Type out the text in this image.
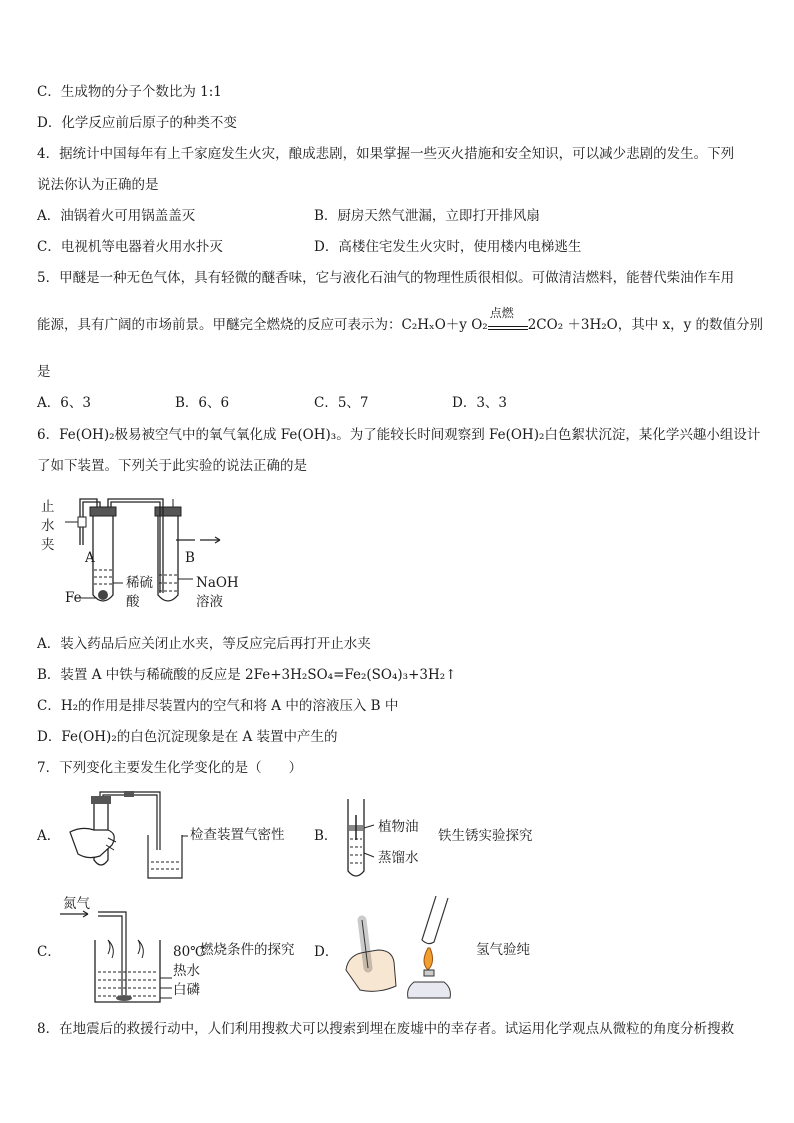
C．生成物的分子个数比为 1:1
D．化学反应前后原子的种类不变
4．据统计中国每年有上千家庭发生火灾，酿成悲剧，如果掌握一些灭火措施和安全知识，可以减少悲剧的发生。下列
说法你认为正确的是
A．油锅着火可用锅盖盖灭	B．厨房天然气泄漏，立即打开排风扇
C．电视机等电器着火用水扑灭	D．高楼住宅发生火灾时，使用楼内电梯逃生
5．甲醚是一种无色气体，具有轻微的醚香味，它与液化石油气的物理性质很相似。可做清洁燃料，能替代柴油作车用
能源，具有广阔的市场前景。甲醚完全燃烧的反应可表示为：C₂HₓO＋y O₂
点燃
2CO₂ ＋3H₂O，其中 x，y 的数值分别
是
A．6、3	B．6、6	C．5、7	D．3、3
6．Fe(OH)₂极易被空气中的氧气氧化成 Fe(OH)₃。为了能较长时间观察到 Fe(OH)₂白色絮状沉淀，某化学兴趣小组设计
了如下装置。下列关于此实验的说法正确的是
止
水
夹
A	B
Fe
稀硫
酸
NaOH
溶液
A．装入药品后应关闭止水夹，等反应完后再打开止水夹
B．装置 A 中铁与稀硫酸的反应是 2Fe+3H₂SO₄=Fe₂(SO₄)₃+3H₂↑
C．H₂的作用是排尽装置内的空气和将 A 中的溶液压入 B 中
D．Fe(OH)₂的白色沉淀现象是在 A 装置中产生的
7．下列变化主要发生化学变化的是（　　）
A．	检查装置气密性 B．
植物油
蒸馏水
铁生锈实验探究
氮气
C．	80℃
热水
白磷
燃烧条件的探究 D．	氢气验纯
8．在地震后的救援行动中，人们利用搜救犬可以搜索到埋在废墟中的幸存者。试运用化学观点从微粒的角度分析搜救
